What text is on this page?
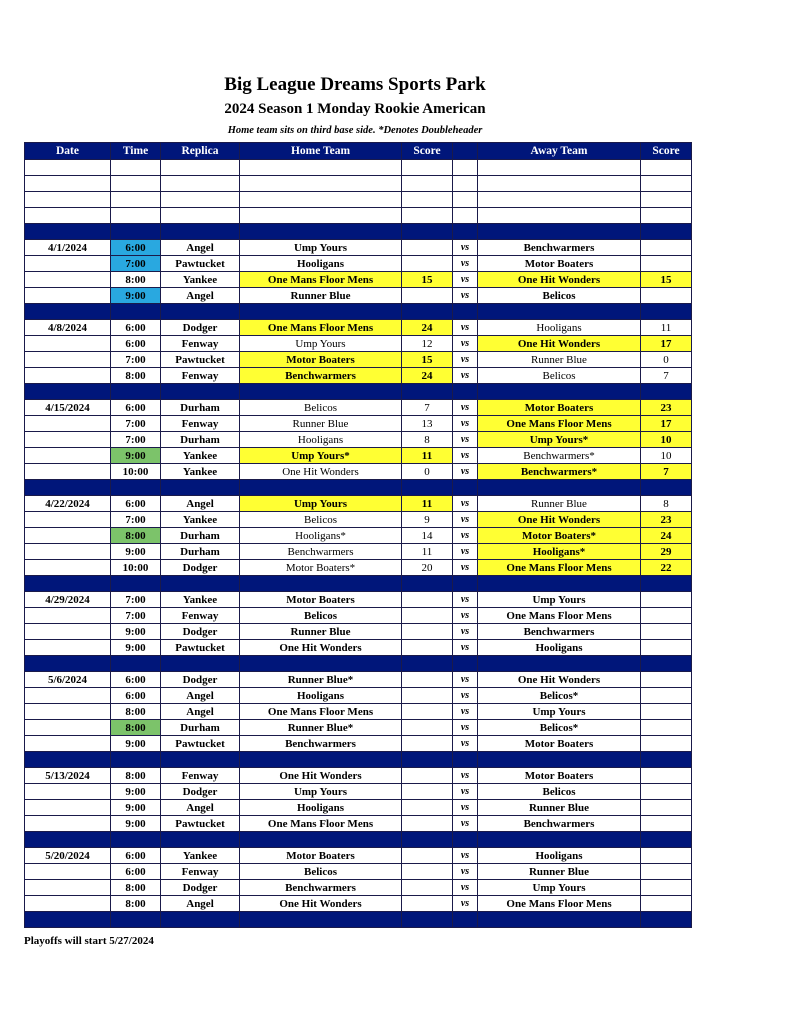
Big League Dreams Sports Park
2024 Season 1 Monday Rookie American
Home team sits on third base side. *Denotes Doubleheader
Date	Time	Replica	Home Team	Score		Away Team	Score

4/1/2024	6:00	Angel	Ump Yours		vs	Benchwarmers	
	7:00	Pawtucket	Hooligans		vs	Motor Boaters	
	8:00	Yankee	One Mans Floor Mens	15	vs	One Hit Wonders	15
	9:00	Angel	Runner Blue		vs	Belicos	

4/8/2024	6:00	Dodger	One Mans Floor Mens	24	vs	Hooligans	11
	6:00	Fenway	Ump Yours	12	vs	One Hit Wonders	17
	7:00	Pawtucket	Motor Boaters	15	vs	Runner Blue	0
	8:00	Fenway	Benchwarmers	24	vs	Belicos	7

4/15/2024	6:00	Durham	Belicos	7	vs	Motor Boaters	23
	7:00	Fenway	Runner Blue	13	vs	One Mans Floor Mens	17
	7:00	Durham	Hooligans	8	vs	Ump Yours*	10
	9:00	Yankee	Ump Yours*	11	vs	Benchwarmers*	10
	10:00	Yankee	One Hit Wonders	0	vs	Benchwarmers*	7

4/22/2024	6:00	Angel	Ump Yours	11	vs	Runner Blue	8
	7:00	Yankee	Belicos	9	vs	One Hit Wonders	23
	8:00	Durham	Hooligans*	14	vs	Motor Boaters*	24
	9:00	Durham	Benchwarmers	11	vs	Hooligans*	29
	10:00	Dodger	Motor Boaters*	20	vs	One Mans Floor Mens	22

4/29/2024	7:00	Yankee	Motor Boaters		vs	Ump Yours	
	7:00	Fenway	Belicos		vs	One Mans Floor Mens	
	9:00	Dodger	Runner Blue		vs	Benchwarmers	
	9:00	Pawtucket	One Hit Wonders		vs	Hooligans	

5/6/2024	6:00	Dodger	Runner Blue*		vs	One Hit Wonders	
	6:00	Angel	Hooligans		vs	Belicos*	
	8:00	Angel	One Mans Floor Mens		vs	Ump Yours	
	8:00	Durham	Runner Blue*		vs	Belicos*	
	9:00	Pawtucket	Benchwarmers		vs	Motor Boaters	

5/13/2024	8:00	Fenway	One Hit Wonders		vs	Motor Boaters	
	9:00	Dodger	Ump Yours		vs	Belicos	
	9:00	Angel	Hooligans		vs	Runner Blue	
	9:00	Pawtucket	One Mans Floor Mens		vs	Benchwarmers	

5/20/2024	6:00	Yankee	Motor Boaters		vs	Hooligans	
	6:00	Fenway	Belicos		vs	Runner Blue	
	8:00	Dodger	Benchwarmers		vs	Ump Yours	
	8:00	Angel	One Hit Wonders		vs	One Mans Floor Mens	

Playoffs will start 5/27/2024
